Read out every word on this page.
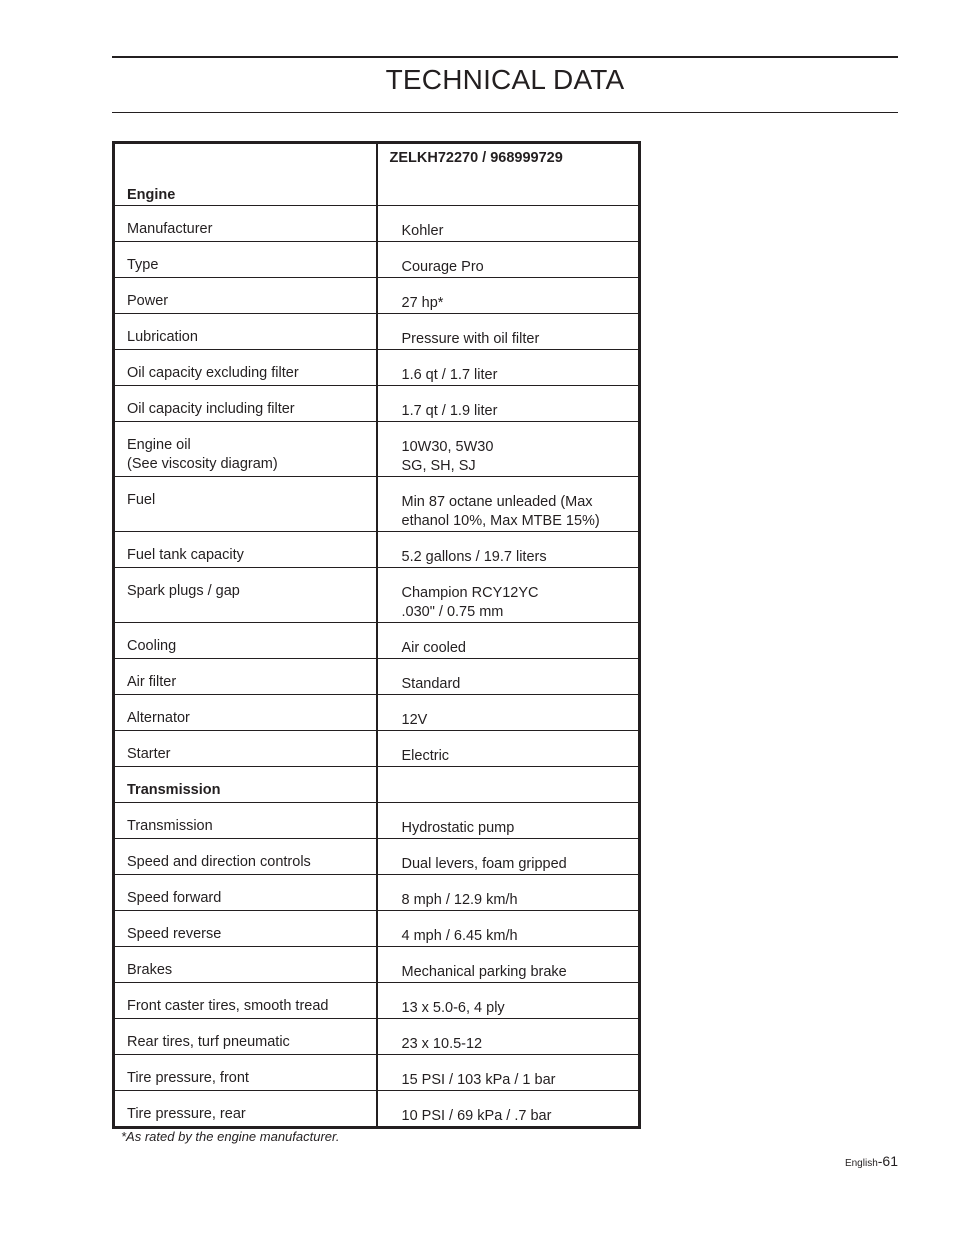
TECHNICAL DATA
Engine	ZELKH72270 / 968999729

Manufacturer	Kohler

Type	Courage Pro

Power	27 hp*

Lubrication	Pressure with oil filter

Oil capacity excluding filter	1.6 qt / 1.7 liter

Oil capacity including filter	1.7 qt / 1.9 liter

Engine oil
(See viscosity diagram)	10W30, 5W30
SG, SH, SJ

Fuel	Min 87 octane unleaded (Max
ethanol 10%, Max MTBE 15%)

Fuel tank capacity	5.2 gallons / 19.7 liters

Spark plugs / gap	Champion RCY12YC
.030" / 0.75 mm

Cooling	Air cooled

Air filter	Standard

Alternator	12V

Starter	Electric

Transmission	

Transmission	Hydrostatic pump

Speed and direction controls	Dual levers, foam gripped

Speed forward	8 mph / 12.9 km/h

Speed reverse	4 mph / 6.45 km/h

Brakes	Mechanical parking brake

Front caster tires, smooth tread	13 x 5.0-6, 4 ply

Rear tires, turf pneumatic	23 x 10.5-12

Tire pressure, front	15 PSI / 103 kPa / 1 bar

Tire pressure, rear	10 PSI / 69 kPa / .7 bar
*As rated by the engine manufacturer.
English-61
